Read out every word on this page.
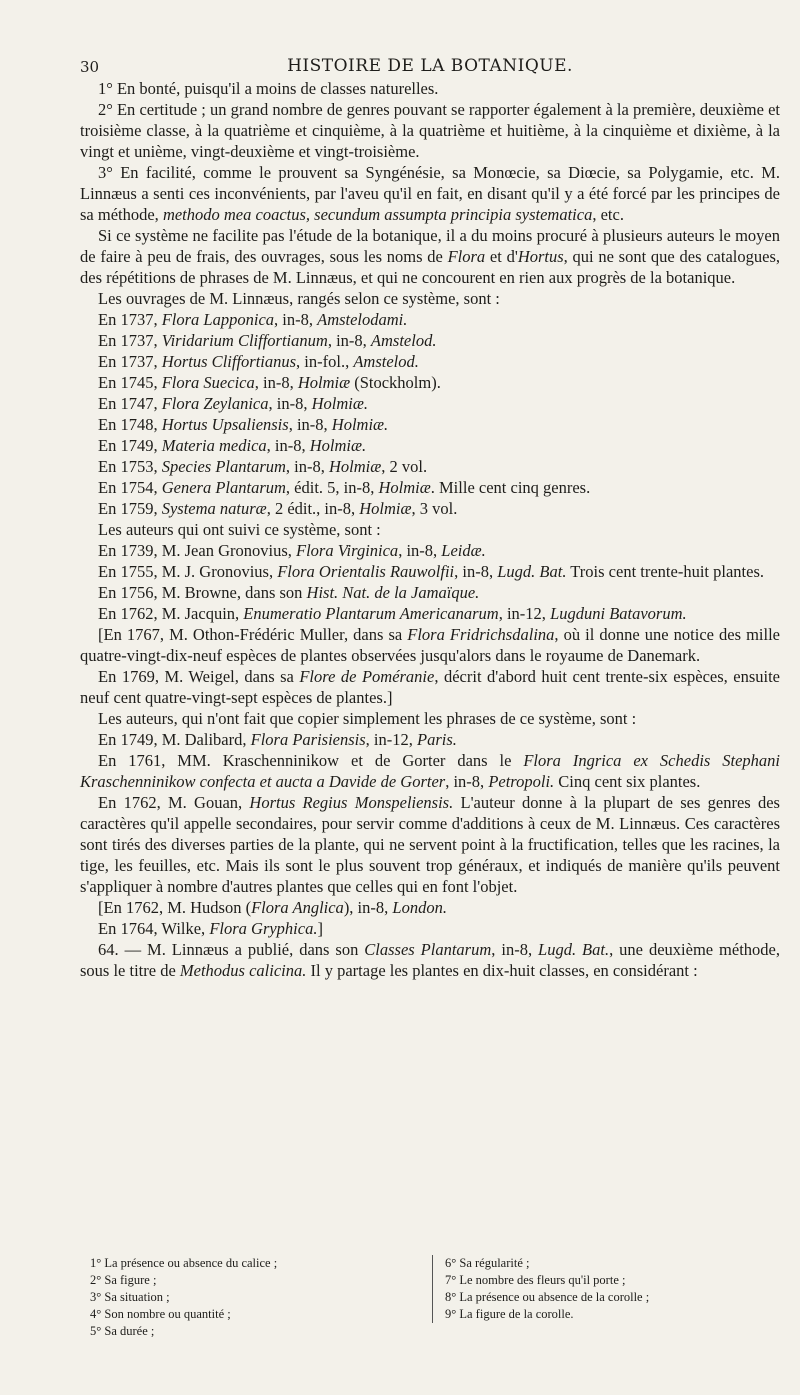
30	HISTOIRE DE LA BOTANIQUE.

1° En bonté, puisqu'il a moins de classes naturelles.

2° En certitude ; un grand nombre de genres pouvant se rapporter également à la première, deuxième et troisième classe, à la quatrième et cinquième, à la quatrième et huitième, à la cinquième et dixième, à la vingt et unième, vingt-deuxième et vingt-troisième.

3° En facilité, comme le prouvent sa Syngénésie, sa Monœcie, sa Diœcie, sa Polygamie, etc. M. Linnæus a senti ces inconvénients, par l'aveu qu'il en fait, en disant qu'il y a été forcé par les principes de sa méthode, methodo mea coactus, secundum assumpta principia systematica, etc.

Si ce système ne facilite pas l'étude de la botanique, il a du moins procuré à plusieurs auteurs le moyen de faire à peu de frais, des ouvrages, sous les noms de Flora et d'Hortus, qui ne sont que des catalogues, des répétitions de phrases de M. Linnæus, et qui ne concourent en rien aux progrès de la botanique.

Les ouvrages de M. Linnæus, rangés selon ce système, sont :

En 1737, Flora Lapponica, in-8, Amstelodami.

En 1737, Viridarium Cliffortianum, in-8, Amstelod.

En 1737, Hortus Cliffortianus, in-fol., Amstelod.

En 1745, Flora Suecica, in-8, Holmiæ (Stockholm).

En 1747, Flora Zeylanica, in-8, Holmiæ.

En 1748, Hortus Upsaliensis, in-8, Holmiæ.

En 1749, Materia medica, in-8, Holmiæ.

En 1753, Species Plantarum, in-8, Holmiæ, 2 vol.

En 1754, Genera Plantarum, édit. 5, in-8, Holmiæ. Mille cent cinq genres.

En 1759, Systema naturæ, 2 édit., in-8, Holmiæ, 3 vol.

Les auteurs qui ont suivi ce système, sont :

En 1739, M. Jean Gronovius, Flora Virginica, in-8, Leidæ.

En 1755, M. J. Gronovius, Flora Orientalis Rauwolfii, in-8, Lugd. Bat. Trois cent trente-huit plantes.

En 1756, M. Browne, dans son Hist. Nat. de la Jamaïque.

En 1762, M. Jacquin, Enumeratio Plantarum Americanarum, in-12, Lugduni Batavorum.

[En 1767, M. Othon-Frédéric Muller, dans sa Flora Fridrichsdalina, où il donne une notice des mille quatre-vingt-dix-neuf espèces de plantes observées jusqu'alors dans le royaume de Danemark.

En 1769, M. Weigel, dans sa Flore de Poméranie, décrit d'abord huit cent trente-six espèces, ensuite neuf cent quatre-vingt-sept espèces de plantes.]

Les auteurs, qui n'ont fait que copier simplement les phrases de ce système, sont :

En 1749, M. Dalibard, Flora Parisiensis, in-12, Paris.

En 1761, MM. Kraschenninikow et de Gorter dans le Flora Ingrica ex Schedis Stephani Kraschenninikow confecta et aucta a Davide de Gorter, in-8, Petropoli. Cinq cent six plantes.

En 1762, M. Gouan, Hortus Regius Monspeliensis. L'auteur donne à la plupart de ses genres des caractères qu'il appelle secondaires, pour servir comme d'additions à ceux de M. Linnæus. Ces caractères sont tirés des diverses parties de la plante, qui ne servent point à la fructification, telles que les racines, la tige, les feuilles, etc. Mais ils sont le plus souvent trop généraux, et indiqués de manière qu'ils peuvent s'appliquer à nombre d'autres plantes que celles qui en font l'objet.

[En 1762, M. Hudson (Flora Anglica), in-8, London.

En 1764, Wilke, Flora Gryphica.]

64. — M. Linnæus a publié, dans son Classes Plantarum, in-8, Lugd. Bat., une deuxième méthode, sous le titre de Methodus calicina. Il y partage les plantes en dix-huit classes, en considérant :

1° La présence ou absence du calice ;
2° Sa figure ;
3° Sa situation ;
4° Son nombre ou quantité ;
5° Sa durée ;
6° Sa régularité ;
7° Le nombre des fleurs qu'il porte ;
8° La présence ou absence de la corolle ;
9° La figure de la corolle.
